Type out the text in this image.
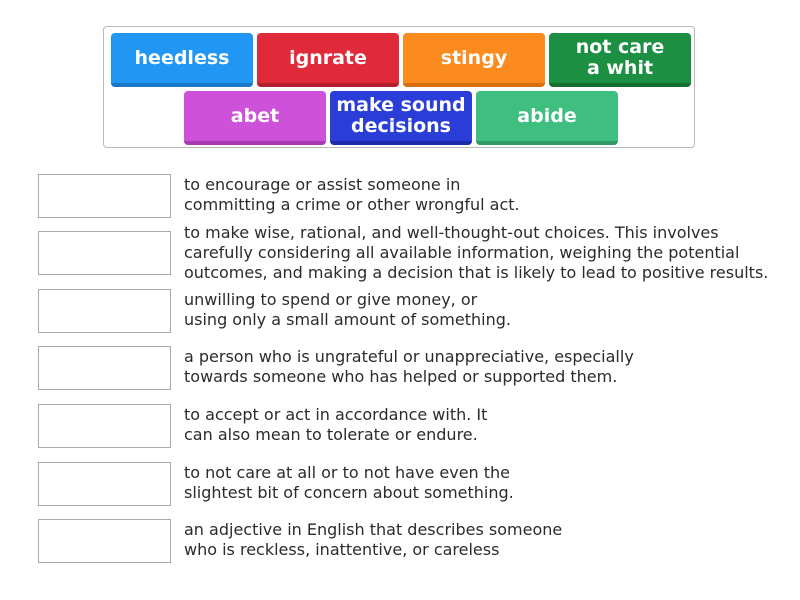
heedless	ignrate	stingy	not care
a whit
abet	make sound
decisions	abide
to encourage or assist someone in
committing a crime or other wrongful act.
to make wise, rational, and well-thought-out choices. This involves
carefully considering all available information, weighing the potential
outcomes, and making a decision that is likely to lead to positive results.
unwilling to spend or give money, or
using only a small amount of something.
a person who is ungrateful or unappreciative, especially
towards someone who has helped or supported them.
to accept or act in accordance with. It
can also mean to tolerate or endure.
to not care at all or to not have even the
slightest bit of concern about something.
an adjective in English that describes someone
who is reckless, inattentive, or careless
